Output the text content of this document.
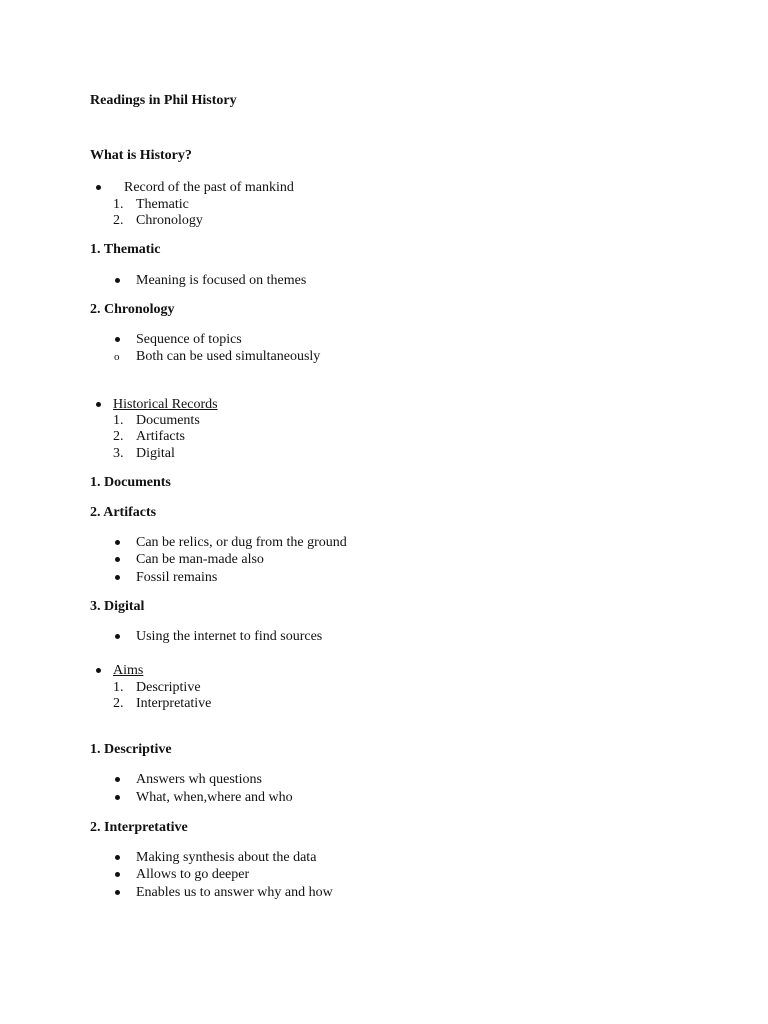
Readings in Phil History
What is History?
Record of the past of mankind
1. Thematic
2. Chronology
1. Thematic
Meaning is focused on themes
2. Chronology
Sequence of topics
o Both can be used simultaneously
Historical Records
1. Documents
2. Artifacts
3. Digital
1. Documents
2. Artifacts
Can be relics, or dug from the ground
Can be man-made also
Fossil remains
3. Digital
Using the internet to find sources
Aims
1. Descriptive
2. Interpretative
1. Descriptive
Answers wh questions
What, when,where and who
2. Interpretative
Making synthesis about the data
Allows to go deeper
Enables us to answer why and how
